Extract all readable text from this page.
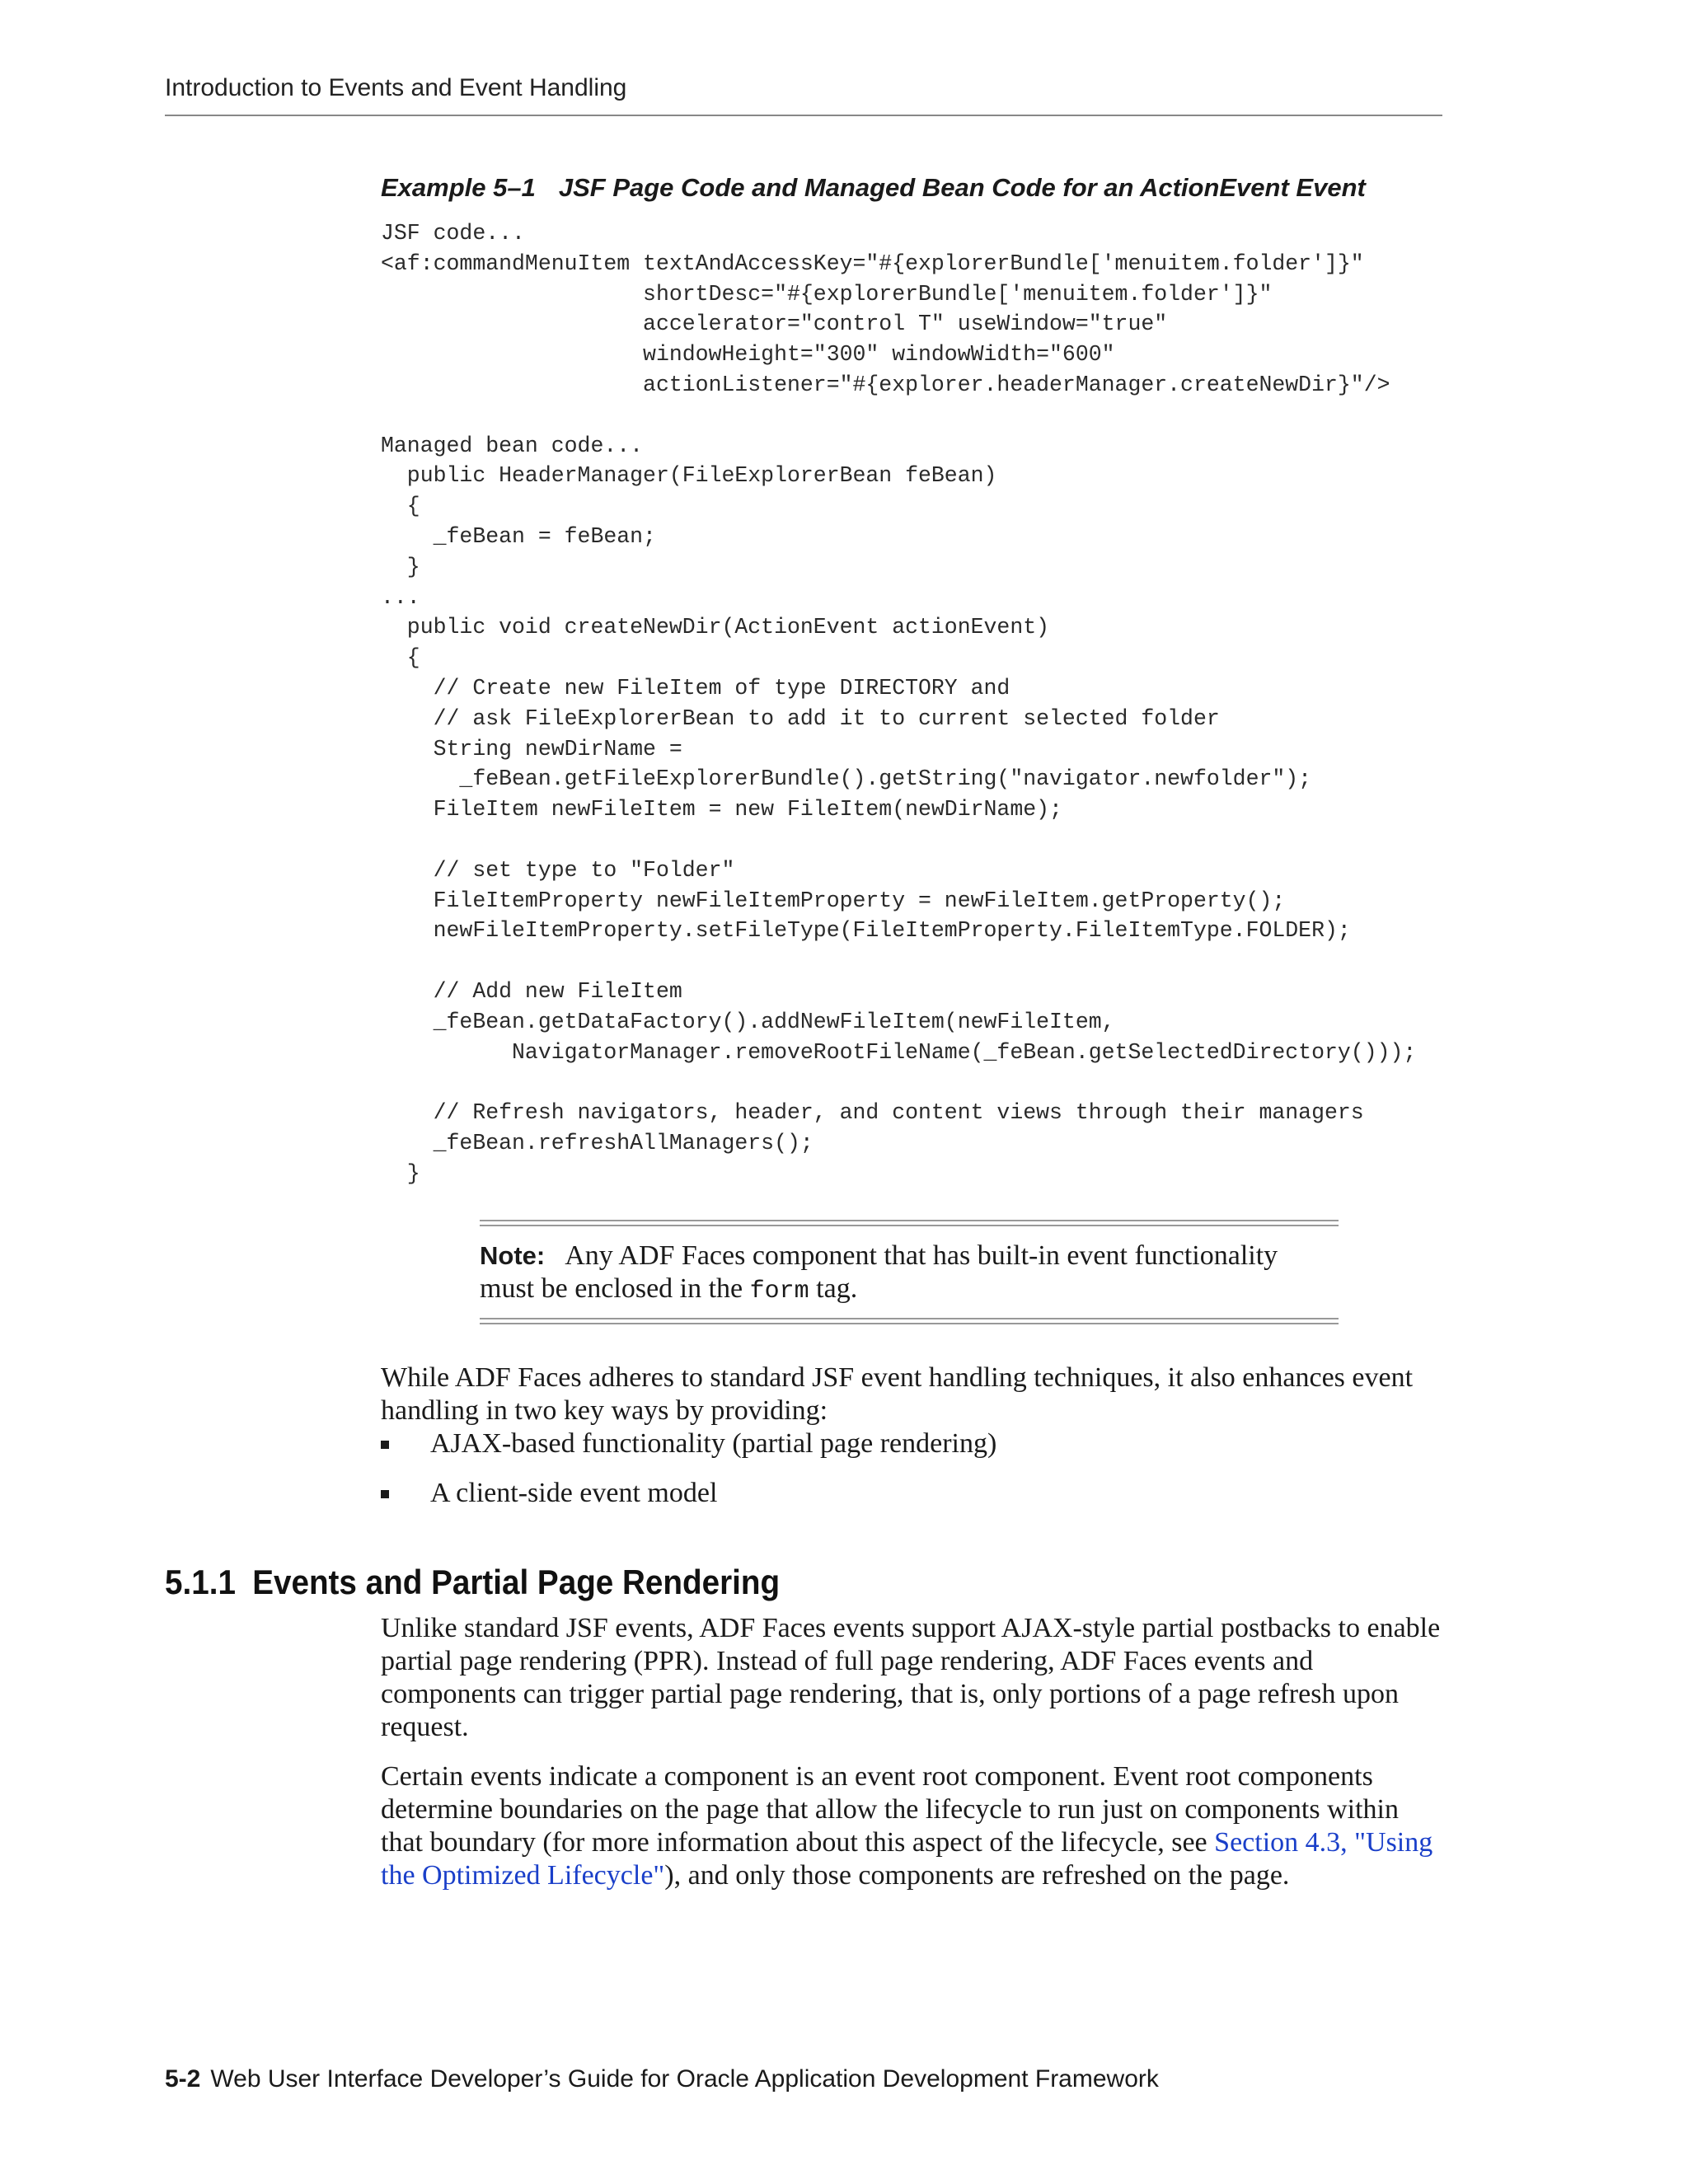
Introduction to Events and Event Handling
Example 5–1 JSF Page Code and Managed Bean Code for an ActionEvent Event
JSF code...
<af:commandMenuItem textAndAccessKey="#{explorerBundle['menuitem.folder']}"
shortDesc="#{explorerBundle['menuitem.folder']}"
accelerator="control T" useWindow="true"
windowHeight="300" windowWidth="600"
actionListener="#{explorer.headerManager.createNewDir}"/>

Managed bean code...
public HeaderManager(FileExplorerBean feBean)
{
_feBean = feBean;
}
...
public void createNewDir(ActionEvent actionEvent)
{
// Create new FileItem of type DIRECTORY and
// ask FileExplorerBean to add it to current selected folder
String newDirName =
_feBean.getFileExplorerBundle().getString("navigator.newfolder");
FileItem newFileItem = new FileItem(newDirName);

// set type to "Folder"
FileItemProperty newFileItemProperty = newFileItem.getProperty();
newFileItemProperty.setFileType(FileItemProperty.FileItemType.FOLDER);

// Add new FileItem
_feBean.getDataFactory().addNewFileItem(newFileItem,
NavigatorManager.removeRootFileName(_feBean.getSelectedDirectory()));

// Refresh navigators, header, and content views through their managers
_feBean.refreshAllManagers();
}
Note: Any ADF Faces component that has built-in event functionality must be enclosed in the form tag.

While ADF Faces adheres to standard JSF event handling techniques, it also enhances event handling in two key ways by providing:

AJAX-based functionality (partial page rendering)
A client-side event model
5.1.1 Events and Partial Page Rendering

Unlike standard JSF events, ADF Faces events support AJAX-style partial postbacks to enable partial page rendering (PPR). Instead of full page rendering, ADF Faces events and components can trigger partial page rendering, that is, only portions of a page refresh upon request.

Certain events indicate a component is an event root component. Event root components determine boundaries on the page that allow the lifecycle to run just on components within that boundary (for more information about this aspect of the lifecycle, see Section 4.3, "Using the Optimized Lifecycle"), and only those components are refreshed on the page.

5-2 Web User Interface Developer’s Guide for Oracle Application Development Framework
